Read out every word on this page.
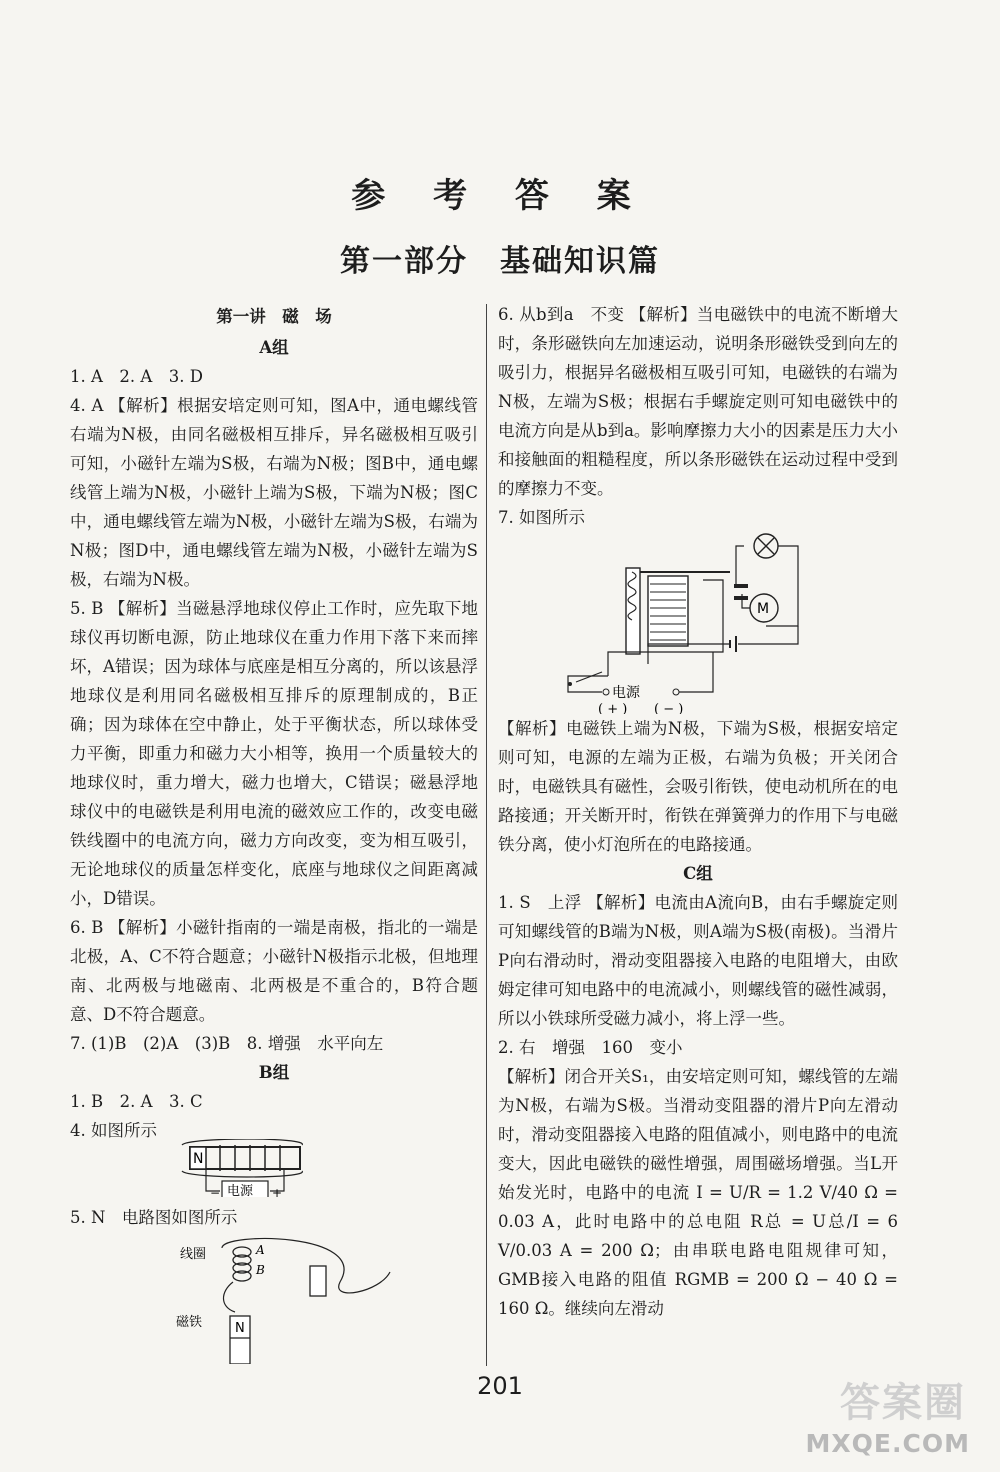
参 考 答 案
第一部分　基础知识篇
第一讲　磁　场
A组

1. A　2. A　3. D

4. A 【解析】根据安培定则可知，图A中，通电螺线管右端为N极，由同名磁极相互排斥，异名磁极相互吸引可知，小磁针左端为S极，右端为N极；图B中，通电螺线管上端为N极，小磁针上端为S极，下端为N极；图C中，通电螺线管左端为N极，小磁针左端为S极，右端为N极；图D中，通电螺线管左端为N极，小磁针左端为S极，右端为N极。

5. B 【解析】当磁悬浮地球仪停止工作时，应先取下地球仪再切断电源，防止地球仪在重力作用下落下来而摔坏，A错误；因为球体与底座是相互分离的，所以该悬浮地球仪是利用同名磁极相互排斥的原理制成的，B正确；因为球体在空中静止，处于平衡状态，所以球体受力平衡，即重力和磁力大小相等，换用一个质量较大的地球仪时，重力增大，磁力也增大，C错误；磁悬浮地球仪中的电磁铁是利用电流的磁效应工作的，改变电磁铁线圈中的电流方向，磁力方向改变，变为相互吸引，无论地球仪的质量怎样变化，底座与地球仪之间距离减小，D错误。

6. B 【解析】小磁针指南的一端是南极，指北的一端是北极，A、C不符合题意；小磁针N极指示北极，但地理南、北两极与地磁南、北两极是不重合的，B符合题意、D不符合题意。

7. (1)B　(2)A　(3)B　8. 增强　水平向左

B组

1. B　2. A　3. C

4. 如图所示

N
电源
−	+

5. N　电路图如图所示

线圈	A
B
磁铁	N

6. 从b到a　不变 【解析】当电磁铁中的电流不断增大时，条形磁铁向左加速运动，说明条形磁铁受到向左的吸引力，根据异名磁极相互吸引可知，电磁铁的右端为N极，左端为S极；根据右手螺旋定则可知电磁铁中的电流方向是从b到a。影响摩擦力大小的因素是压力大小和接触面的粗糙程度，所以条形磁铁在运动过程中受到的摩擦力不变。

7. 如图所示

M
电源
( + ) ( − )

【解析】电磁铁上端为N极，下端为S极，根据安培定则可知，电源的左端为正极，右端为负极；开关闭合时，电磁铁具有磁性，会吸引衔铁，使电动机所在的电路接通；开关断开时，衔铁在弹簧弹力的作用下与电磁铁分离，使小灯泡所在的电路接通。

C组

1. S　上浮 【解析】电流由A流向B，由右手螺旋定则可知螺线管的B端为N极，则A端为S极(南极)。当滑片P向右滑动时，滑动变阻器接入电路的电阻增大，由欧姆定律可知电路中的电流减小，则螺线管的磁性减弱，所以小铁球所受磁力减小，将上浮一些。

2. 右　增强　160　变小

【解析】闭合开关S₁，由安培定则可知，螺线管的左端为N极，右端为S极。当滑动变阻器的滑片P向左滑动时，滑动变阻器接入电路的阻值减小，则电路中的电流变大，因此电磁铁的磁性增强，周围磁场增强。当L开始发光时，电路中的电流 I = U/R = 1.2 V/40 Ω = 0.03 A，此时电路中的总电阻 R总 = U总/I = 6 V/0.03 A = 200 Ω；由串联电路电阻规律可知，GMB接入电路的阻值 RGMB = 200 Ω − 40 Ω = 160 Ω。继续向左滑动

201	答案圈
MXQE.COM
